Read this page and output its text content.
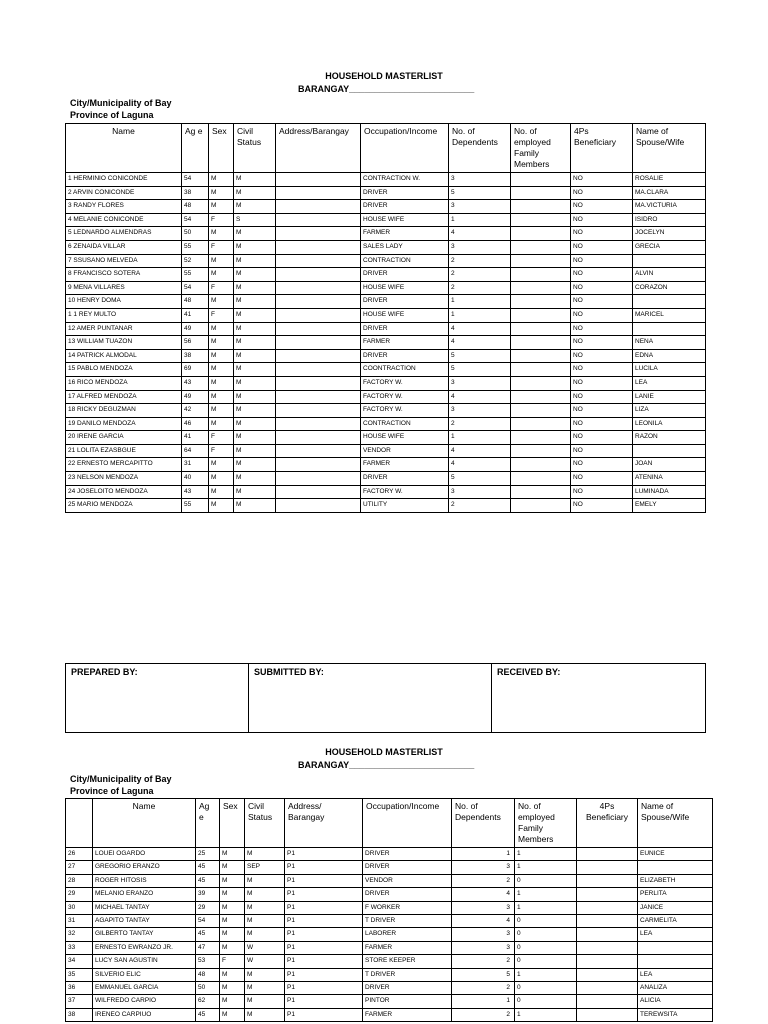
HOUSEHOLD MASTERLIST
BARANGAY_________________________
City/Municipality of Bay
Province of Laguna
Name	Ag e	Sex	Civil Status	Address/Barangay	Occupation/Income	No. of Dependents	No. of employed Family Members	4Ps Beneficiary	Name of Spouse/Wife
1 HERMINIO CONICONDE	54	M	M		CONTRACTION W.	3		NO	ROSALIE
2 ARVIN CONICONDE	38	M	M		DRIVER	5		NO	MA.CLARA
3 RANDY FLORES	48	M	M		DRIVER	3		NO	MA.VICTURIA
4 MELANIE CONICONDE	54	F	S		HOUSE WIFE	1		NO	ISIDRO
5 LEDNARDO ALMENDRAS	50	M	M		FARMER	4		NO	JOCELYN
6 ZENAIDA VILLAR	55	F	M		SALES LADY	3		NO	GRECIA
7 SSUSANO MELVEDA	52	M	M		CONTRACTION	2		NO	
8 FRANCISCO SOTERA	55	M	M		DRIVER	2		NO	ALVIN
9 MENA VILLARES	54	F	M		HOUSE WIFE	2		NO	CORAZON
10 HENRY DOMA	48	M	M		DRIVER	1		NO	
1 1 REY MULTO	41	F	M		HOUSE WIFE	1		NO	MARICEL
12 AMER PUNTANAR	49	M	M		DRIVER	4		NO	
13 WILLIAM TUAZON	56	M	M		FARMER	4		NO	NENA
14 PATRICK ALMODAL	38	M	M		DRIVER	5		NO	EDNA
15 PABLO MENDOZA	69	M	M		COONTRACTION	5		NO	LUCILA
16 RICO MENDOZA	43	M	M		FACTORY W.	3		NO	LEA
17 ALFRED MENDOZA	49	M	M		FACTORY W.	4		NO	LANIE
18 RICKY DEGUZMAN	42	M	M		FACTORY W.	3		NO	LIZA
19 DANILO MENDOZA	46	M	M		CONTRACTION	2		NO	LEONILA
20 IRENE GARCIA	41	F	M		HOUSE WIFE	1		NO	RAZON
21 LOLITA EZASBGUE	64	F	M		VENDOR	4		NO	
22 ERNESTO MERCAPITTO	31	M	M		FARMER	4		NO	JOAN
23 NELSON MENDOZA	40	M	M		DRIVER	5		NO	ATENINA
24 JOSELOITO MENDOZA	43	M	M		FACTORY W.	3		NO	LUMINADA
25 MARIO MENDOZA	55	M	M		UTILITY	2		NO	EMELY
PREPARED BY:	SUBMITTED BY:	RECEIVED BY:
HOUSEHOLD MASTERLIST
BARANGAY_________________________
City/Municipality of Bay
Province of Laguna
	Name	Ag e	Sex	Civil Status	Address/ Barangay	Occupation/Income	No. of Dependents	No. of employed Family Members	4Ps Beneficiary	Name of Spouse/Wife
26	LOUEI OGARDO	25	M	M	P1	DRIVER	1	1		EUNICE
27	GREGORIO ERANZO	45	M	SEP	P1	DRIVER	3	1		
28	ROGER HITOSIS	45	M	M	P1	VENDOR	2	0		ELIZABETH
29	MELANIO ERANZO	39	M	M	P1	DRIVER	4	1		PERLITA
30	MICHAEL TANTAY	29	M	M	P1	F WORKER	3	1		JANICE
31	AGAPITO TANTAY	54	M	M	P1	T DRIVER	4	0		CARMELITA
32	GILBERTO TANTAY	45	M	M	P1	LABORER	3	0		LEA
33	ERNESTO EWRANZO JR.	47	M	W	P1	FARMER	3	0		
34	LUCY SAN AGUSTIN	53	F	W	P1	STORE KEEPER	2	0		
35	SILVERIO ELIC	48	M	M	P1	T DRIVER	5	1		LEA
36	EMMANUEL GARCIA	50	M	M	P1	DRIVER	2	0		ANALIZA
37	WILFREDO CARPIO	62	M	M	P1	PINTOR	1	0		ALICIA
38	IRENEO CARPIUO	45	M	M	P1	FARMER	2	1		TEREWSITA
